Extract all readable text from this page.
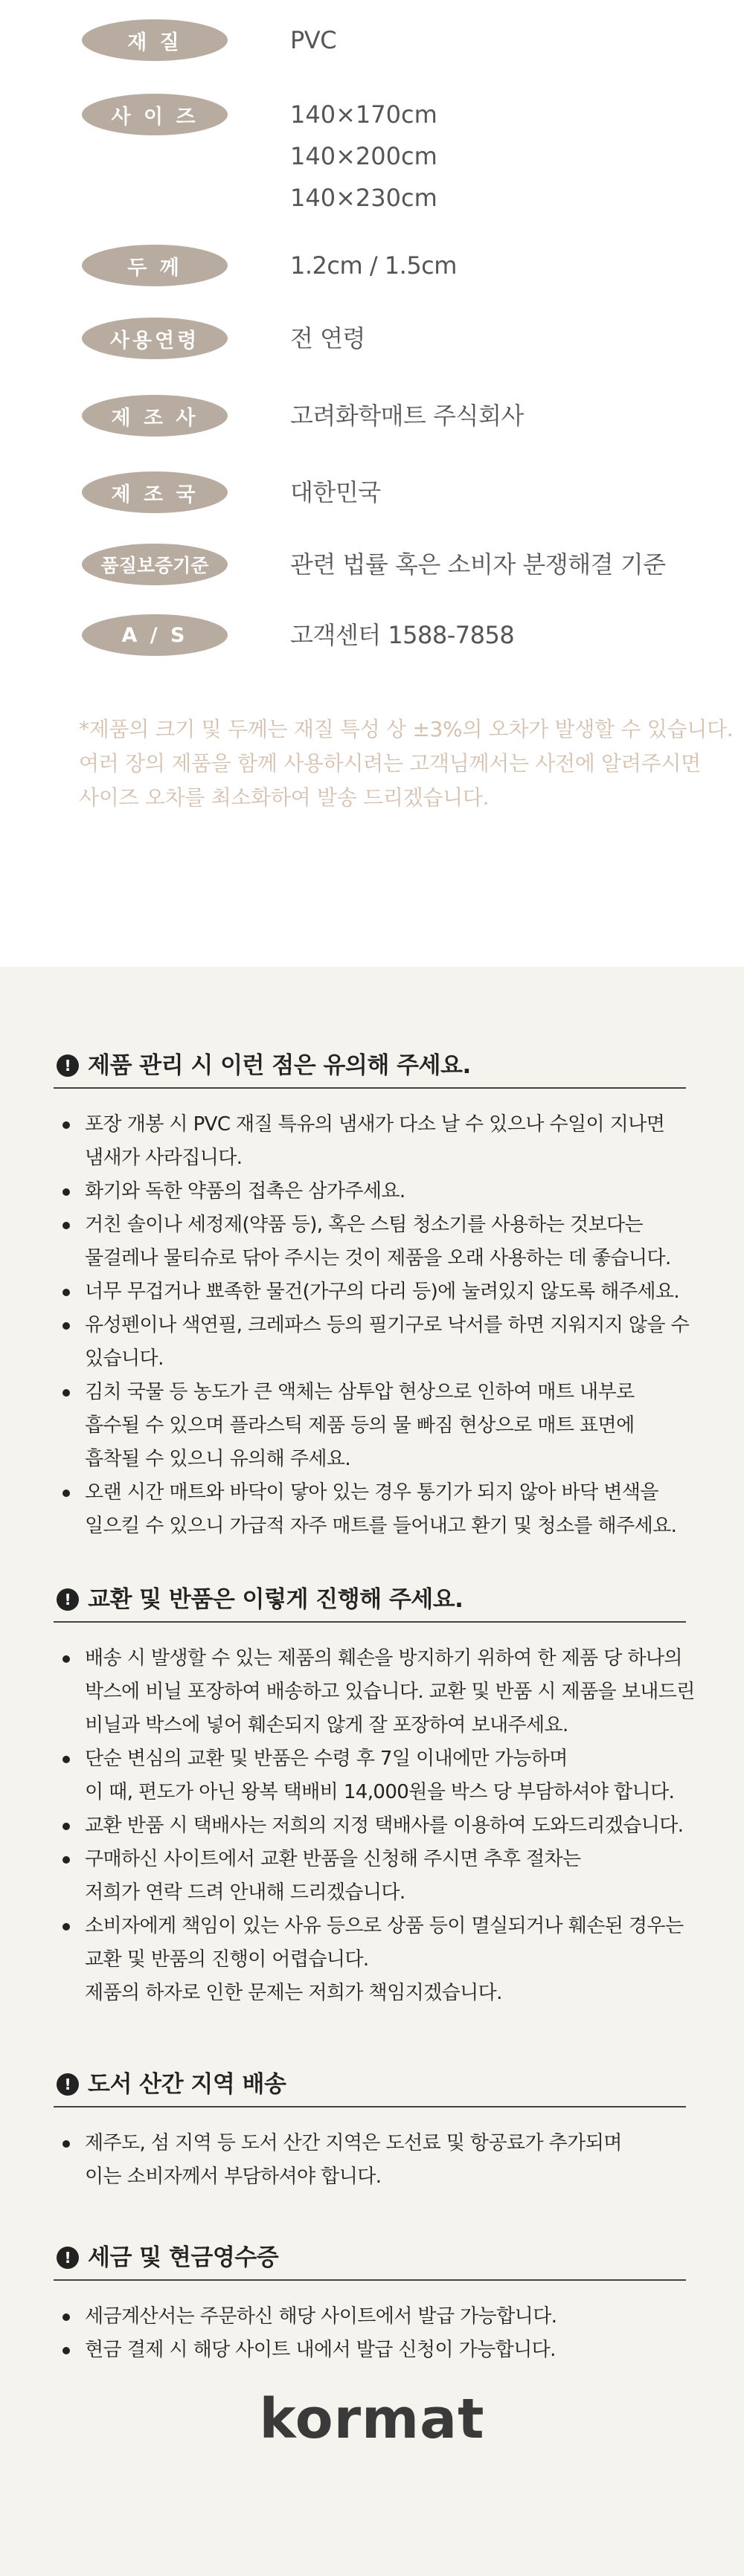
재 질	PVC
사 이 즈	140×170cm
140×200cm
140×230cm
두 께	1.2cm / 1.5cm
사용연령	전 연령
제 조 사	고려화학매트 주식회사
제 조 국	대한민국
품질보증기준	관련 법률 혹은 소비자 분쟁해결 기준
A / S	고객센터 1588-7858
*제품의 크기 및 두께는 재질 특성 상 ±3%의 오차가 발생할 수 있습니다.
여러 장의 제품을 함께 사용하시려는 고객님께서는 사전에 알려주시면
사이즈 오차를 최소화하여 발송 드리겠습니다.
! 제품 관리 시 이런 점은 유의해 주세요.
포장 개봉 시 PVC 재질 특유의 냄새가 다소 날 수 있으나 수일이 지나면
냄새가 사라집니다.
화기와 독한 약품의 접촉은 삼가주세요.
거친 솔이나 세정제(약품 등), 혹은 스팀 청소기를 사용하는 것보다는
물걸레나 물티슈로 닦아 주시는 것이 제품을 오래 사용하는 데 좋습니다.
너무 무겁거나 뾰족한 물건(가구의 다리 등)에 눌려있지 않도록 해주세요.
유성펜이나 색연필, 크레파스 등의 필기구로 낙서를 하면 지워지지 않을 수
있습니다.
김치 국물 등 농도가 큰 액체는 삼투압 현상으로 인하여 매트 내부로
흡수될 수 있으며 플라스틱 제품 등의 물 빠짐 현상으로 매트 표면에
흡착될 수 있으니 유의해 주세요.
오랜 시간 매트와 바닥이 닿아 있는 경우 통기가 되지 않아 바닥 변색을
일으킬 수 있으니 가급적 자주 매트를 들어내고 환기 및 청소를 해주세요.
! 교환 및 반품은 이렇게 진행해 주세요.
배송 시 발생할 수 있는 제품의 훼손을 방지하기 위하여 한 제품 당 하나의
박스에 비닐 포장하여 배송하고 있습니다. 교환 및 반품 시 제품을 보내드린
비닐과 박스에 넣어 훼손되지 않게 잘 포장하여 보내주세요.
단순 변심의 교환 및 반품은 수령 후 7일 이내에만 가능하며
이 때, 편도가 아닌 왕복 택배비 14,000원을 박스 당 부담하셔야 합니다.
교환 반품 시 택배사는 저희의 지정 택배사를 이용하여 도와드리겠습니다.
구매하신 사이트에서 교환 반품을 신청해 주시면 추후 절차는
저희가 연락 드려 안내해 드리겠습니다.
소비자에게 책임이 있는 사유 등으로 상품 등이 멸실되거나 훼손된 경우는
교환 및 반품의 진행이 어렵습니다.
제품의 하자로 인한 문제는 저희가 책임지겠습니다.
! 도서 산간 지역 배송
제주도, 섬 지역 등 도서 산간 지역은 도선료 및 항공료가 추가되며
이는 소비자께서 부담하셔야 합니다.
! 세금 및 현금영수증
세금계산서는 주문하신 해당 사이트에서 발급 가능합니다.
현금 결제 시 해당 사이트 내에서 발급 신청이 가능합니다.
kormat
